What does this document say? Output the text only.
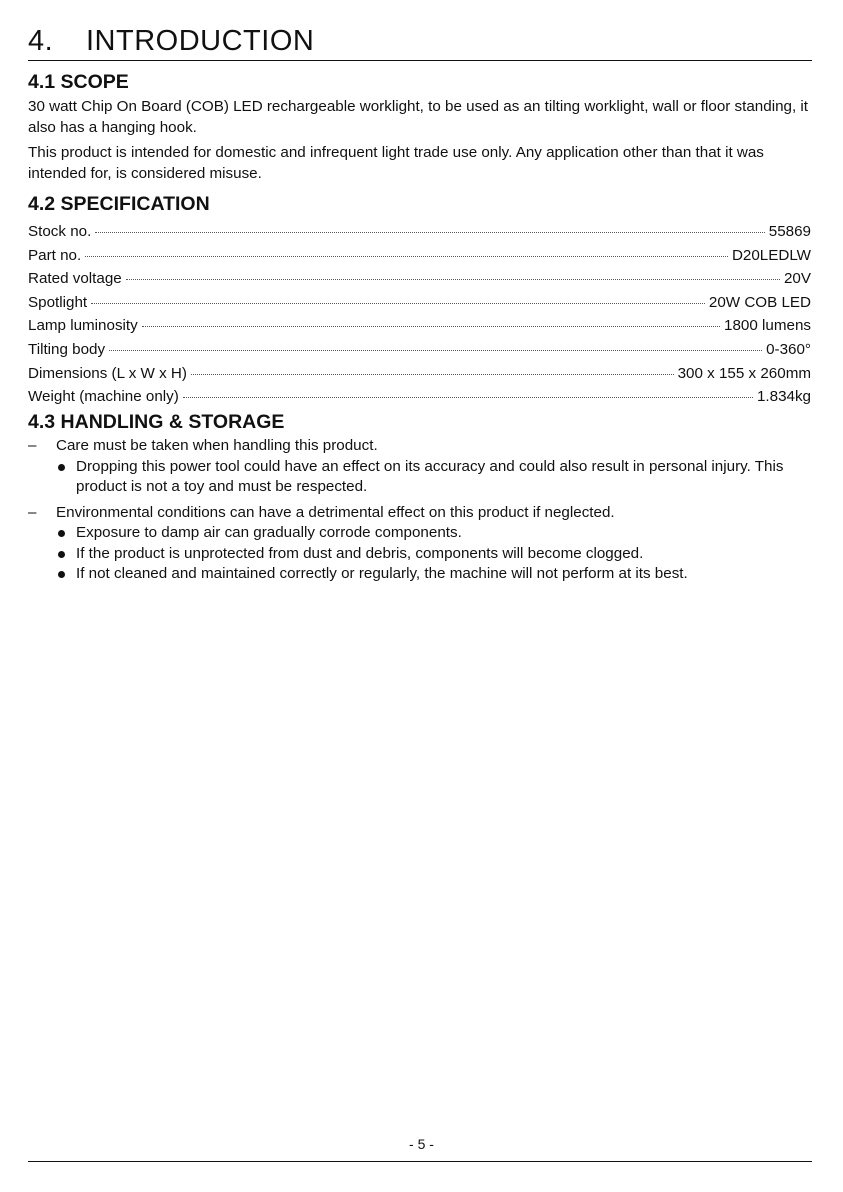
4. INTRODUCTION
4.1 SCOPE
30 watt Chip On Board (COB) LED rechargeable worklight, to be used as an tilting worklight, wall or floor standing, it also has a hanging hook.
This product is intended for domestic and infrequent light trade use only. Any application other than that it was intended for, is considered misuse.
4.2 SPECIFICATION
Stock no.	55869
Part no.	D20LEDLW
Rated voltage	20V
Spotlight	20W COB LED
Lamp luminosity	1800 lumens
Tilting body	0-360°
Dimensions (L x W x H)	300 x 155 x 260mm
Weight (machine only)	1.834kg
4.3 HANDLING & STORAGE
– Care must be taken when handling this product.
Dropping this power tool could have an effect on its accuracy and could also result in personal injury. This product is not a toy and must be respected.
– Environmental conditions can have a detrimental effect on this product if neglected.
Exposure to damp air can gradually corrode components.
If the product is unprotected from dust and debris, components will become clogged.
If not cleaned and maintained correctly or regularly, the machine will not perform at its best.
- 5 -
